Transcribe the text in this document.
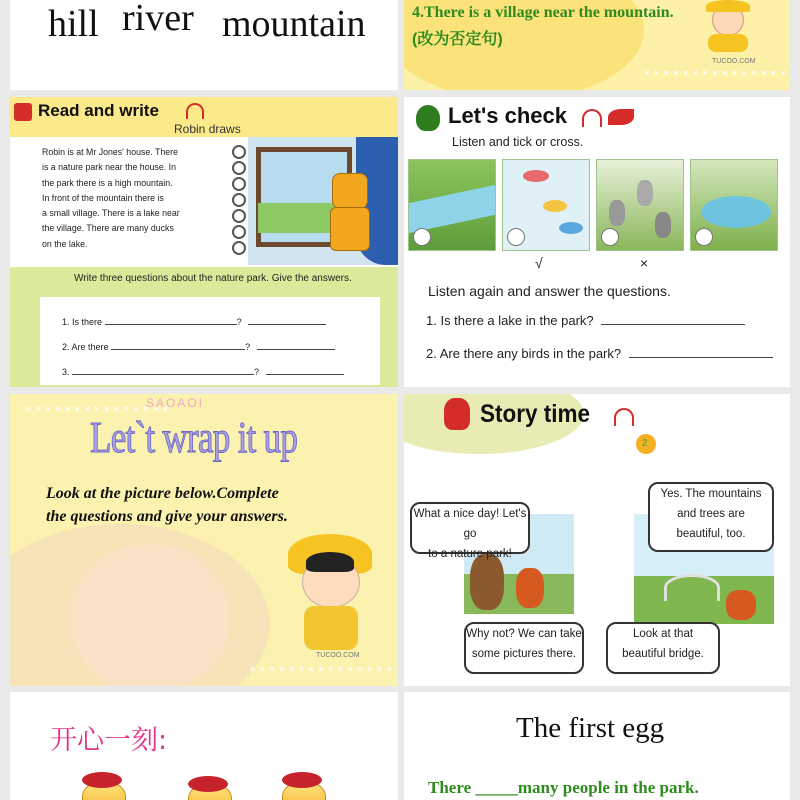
hill river mountain	4.There is a village near the mountain.
(改为否定句)
TUCOO.COM
× × × × × × × × × × × × × × ×
Read and write
Robin draws
Robin is at Mr Jones' house. There
is a nature park near the house. In
the park there is a high mountain.
In front of the mountain there is
a small village. There is a lake near
the village. There are many ducks
on the lake.
Write three questions about the nature park. Give the answers.
1. Is there	?
2. Are there	?
3.	?
Let's check
Listen and tick or cross.
√	×
Listen again and answer the questions.
1. Is there a lake in the park?
2. Are there any birds in the park?
× × × × × × × × × × × × × × ×
SAOAOI
Let`t wrap it up
Look at the picture below.Complete
the questions and give your answers.
TUCOO.COM
× × × × × × × × × × × × × × ×
Story time
2
What a nice day! Let's go
to a nature park!
Yes. The mountains
and trees are
beautiful, too.
Why not? We can take
some pictures there.
Look at that
beautiful bridge.
开心一刻:	The first egg
There _____many people in the park.
